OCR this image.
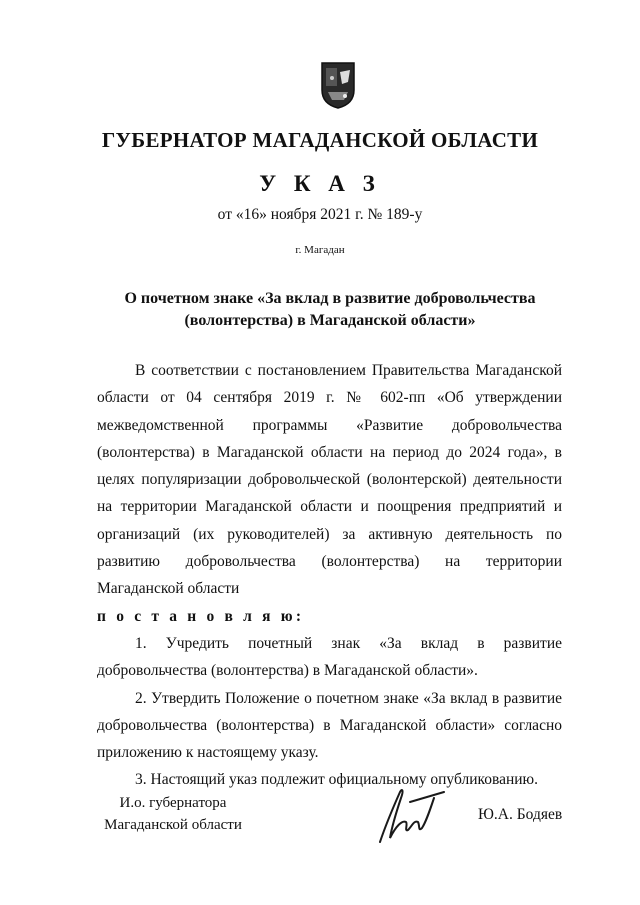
ГУБЕРНАТОР МАГАДАНСКОЙ ОБЛАСТИ
У К А З
от «16» ноября 2021 г. № 189-у
г. Магадан
О почетном знаке «За вклад в развитие добровольчества
(волонтерства) в Магаданской области»

В соответствии с постановлением Правительства Магаданской области от 04 сентября 2019 г. № 602-пп «Об утверждении межведомственной программы «Развитие добровольчества (волонтерства) в Магаданской области на период до 2024 года», в целях популяризации добровольческой (волонтерской) деятельности на территории Магаданской области и поощрения предприятий и организаций (их руководителей) за активную деятельность по развитию добровольчества (волонтерства) на территории Магаданской области

п о с т а н о в л я ю:

1. Учредить почетный знак «За вклад в развитие добровольчества (волонтерства) в Магаданской области».

2. Утвердить Положение о почетном знаке «За вклад в развитие добровольчества (волонтерства) в Магаданской области» согласно приложению к настоящему указу.

3. Настоящий указ подлежит официальному опубликованию.

И.о. губернатора
Магаданской области
Ю.А. Бодяев
